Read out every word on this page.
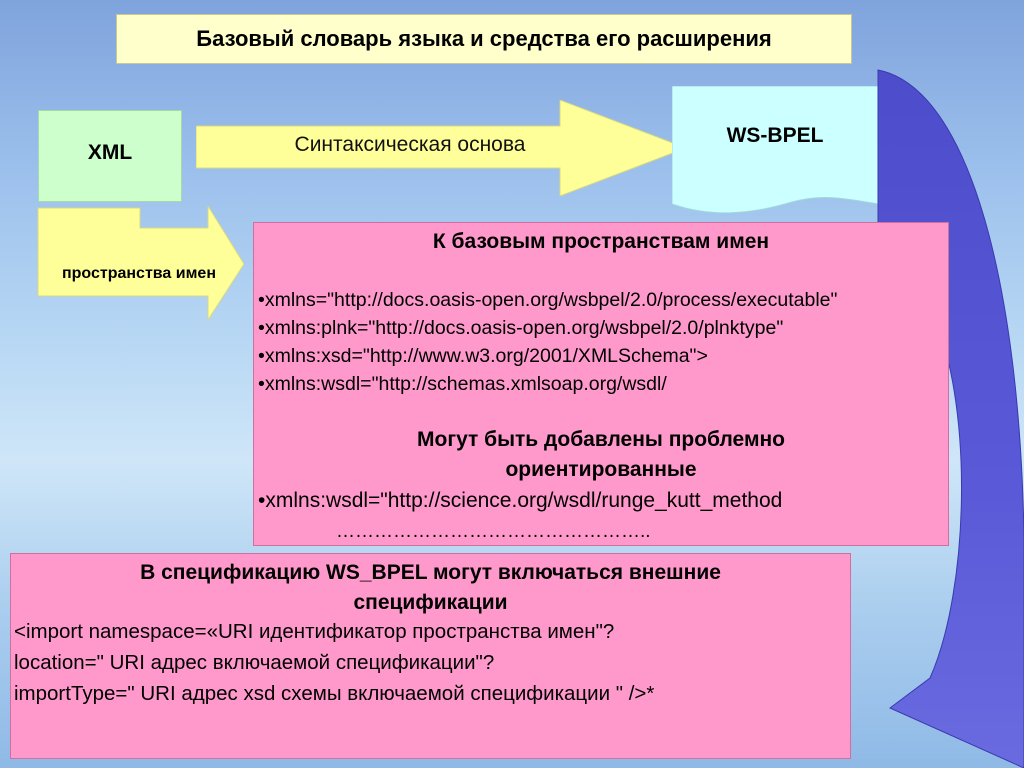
Базовый словарь языка и средства его расширения
XML	Синтаксическая основа	WS-BPEL
пространства имен
К базовым пространствам имен
•xmlns="http://docs.oasis-open.org/wsbpel/2.0/process/executable"
•xmlns:plnk="http://docs.oasis-open.org/wsbpel/2.0/plnktype"
•xmlns:xsd="http://www.w3.org/2001/XMLSchema">
•xmlns:wsdl="http://schemas.xmlsoap.org/wsdl/
Могут быть добавлены проблемно
ориентированные
•xmlns:wsdl="http://science.org/wsdl/runge_kutt_method
…………………………………………..
В спецификацию WS_BPEL могут включаться внешние
спецификации
<import namespace=«URI идентификатор пространства имен"?
location=" URI адрес включаемой спецификации"?
importType=" URI адрес xsd схемы включаемой спецификации " />*
